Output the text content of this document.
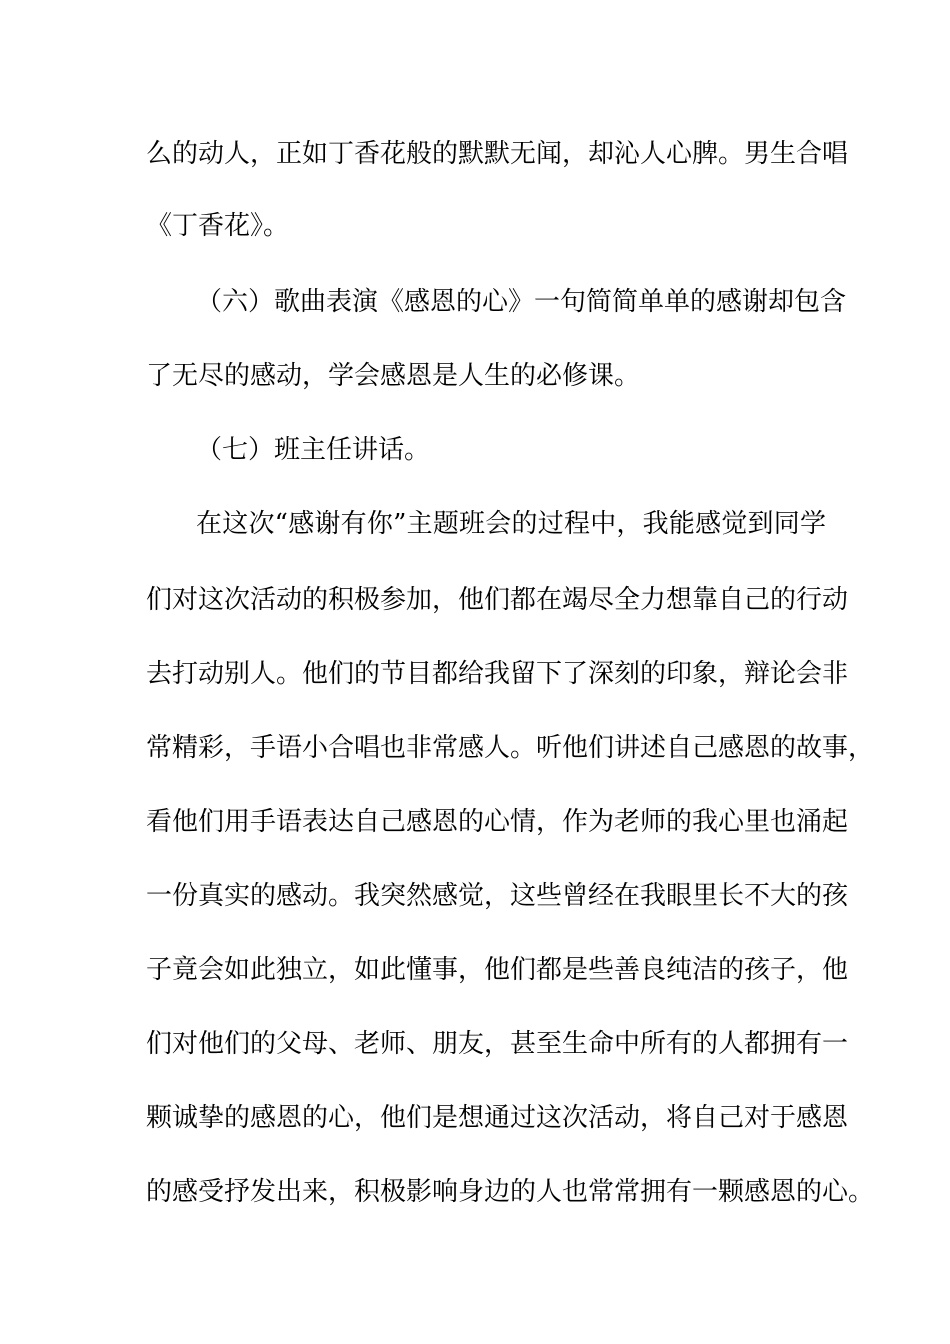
么的动人，正如丁香花般的默默无闻，却沁人心脾。男生合唱
《丁香花》。
（六）歌曲表演《感恩的心》一句简简单单的感谢却包含
了无尽的感动，学会感恩是人生的必修课。
（七）班主任讲话。
在这次“感谢有你”主题班会的过程中，我能感觉到同学
们对这次活动的积极参加，他们都在竭尽全力想靠自己的行动
去打动别人。他们的节目都给我留下了深刻的印象，辩论会非
常精彩，手语小合唱也非常感人。听他们讲述自己感恩的故事，
看他们用手语表达自己感恩的心情，作为老师的我心里也涌起
一份真实的感动。我突然感觉，这些曾经在我眼里长不大的孩
子竟会如此独立，如此懂事，他们都是些善良纯洁的孩子，他
们对他们的父母、老师、朋友，甚至生命中所有的人都拥有一
颗诚挚的感恩的心，他们是想通过这次活动，将自己对于感恩
的感受抒发出来，积极影响身边的人也常常拥有一颗感恩的心。
